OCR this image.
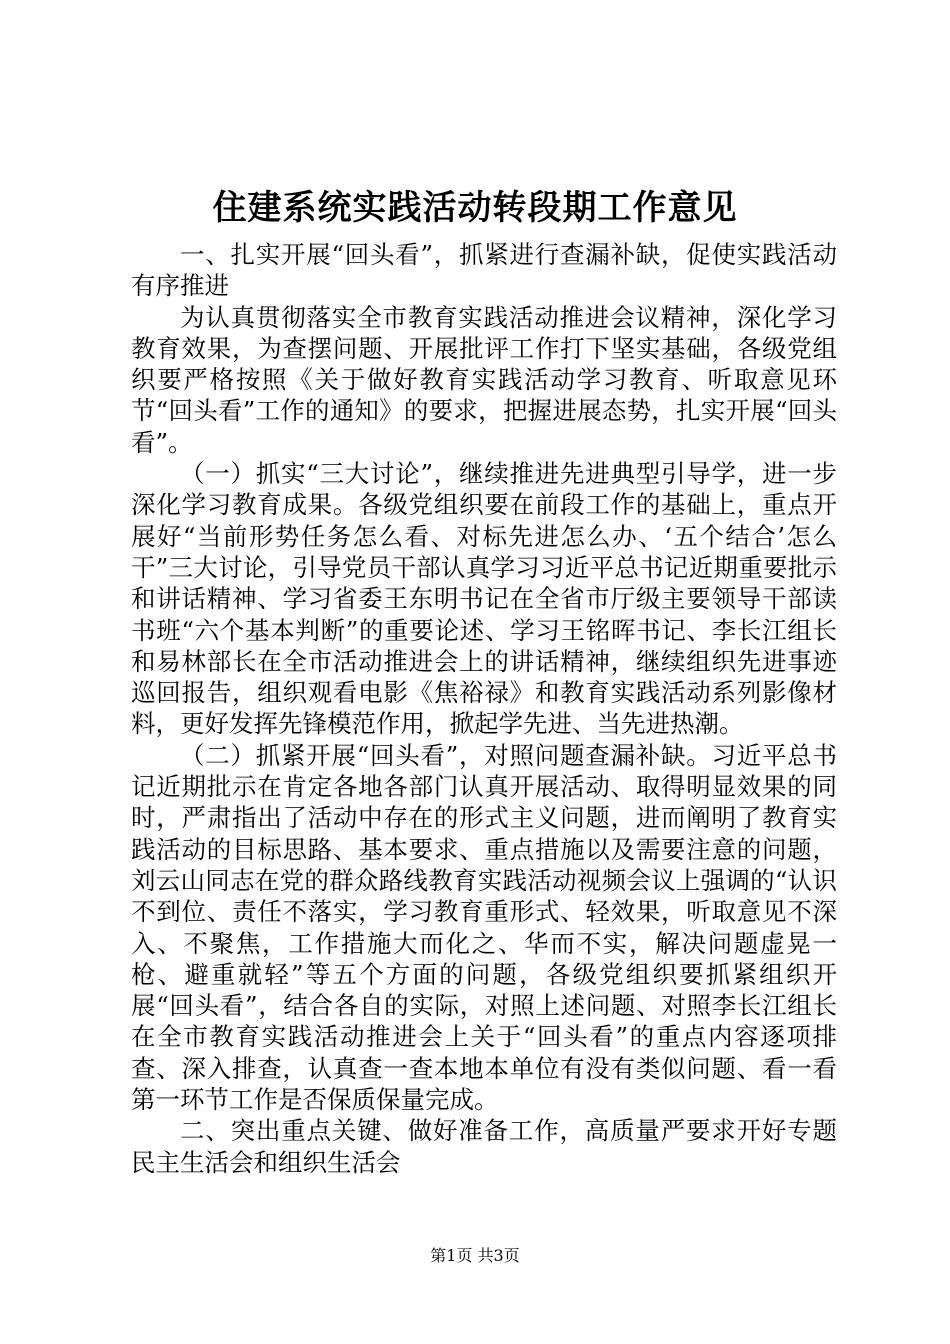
住建系统实践活动转段期工作意见

一、扎实开展“回头看”，抓紧进行查漏补缺，促使实践活动有序推进

为认真贯彻落实全市教育实践活动推进会议精神，深化学习教育效果，为查摆问题、开展批评工作打下坚实基础，各级党组织要严格按照《关于做好教育实践活动学习教育、听取意见环节“回头看”工作的通知》的要求，把握进展态势，扎实开展“回头看”。

（一）抓实“三大讨论”，继续推进先进典型引导学，进一步深化学习教育成果。各级党组织要在前段工作的基础上，重点开展好“当前形势任务怎么看、对标先进怎么办、‘五个结合’怎么干”三大讨论，引导党员干部认真学习习近平总书记近期重要批示和讲话精神、学习省委王东明书记在全省市厅级主要领导干部读书班“六个基本判断”的重要论述、学习王铭晖书记、李长江组长和易林部长在全市活动推进会上的讲话精神，继续组织先进事迹巡回报告，组织观看电影《焦裕禄》和教育实践活动系列影像材料，更好发挥先锋模范作用，掀起学先进、当先进热潮。

（二）抓紧开展“回头看”，对照问题查漏补缺。习近平总书记近期批示在肯定各地各部门认真开展活动、取得明显效果的同时，严肃指出了活动中存在的形式主义问题，进而阐明了教育实践活动的目标思路、基本要求、重点措施以及需要注意的问题，刘云山同志在党的群众路线教育实践活动视频会议上强调的“认识不到位、责任不落实，学习教育重形式、轻效果，听取意见不深入、不聚焦，工作措施大而化之、华而不实，解决问题虚晃一枪、避重就轻”等五个方面的问题，各级党组织要抓紧组织开展“回头看”，结合各自的实际，对照上述问题、对照李长江组长在全市教育实践活动推进会上关于“回头看”的重点内容逐项排查、深入排查，认真查一查本地本单位有没有类似问题、看一看第一环节工作是否保质保量完成。

二、突出重点关键、做好准备工作，高质量严要求开好专题民主生活会和组织生活会

第1页 共3页
